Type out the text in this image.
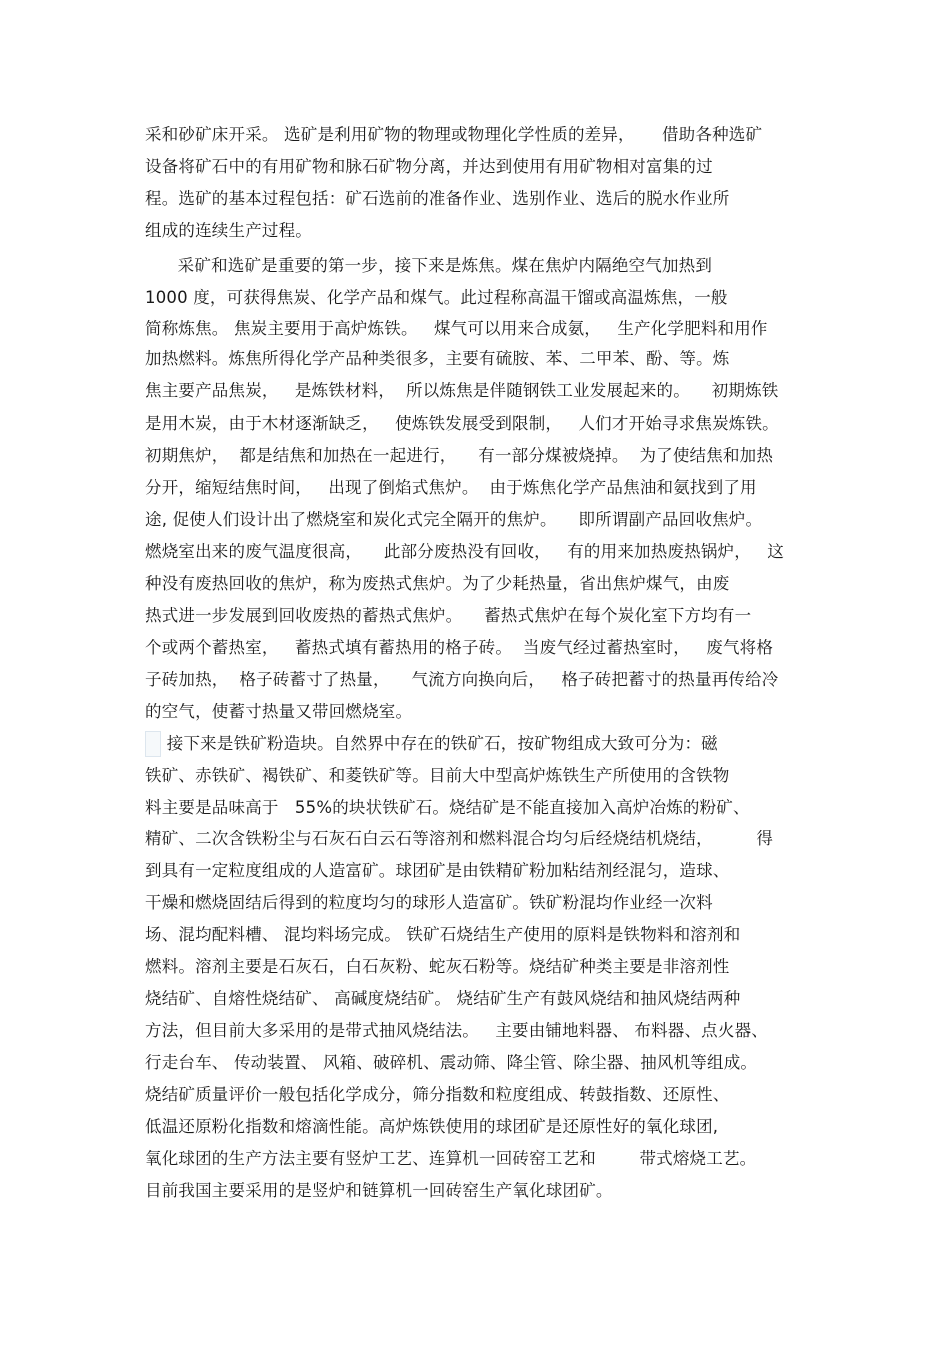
采和砂矿床开采。 选矿是利用矿物的物理或物理化学性质的差异，     借助各种选矿
设备将矿石中的有用矿物和脉石矿物分离，并达到使用有用矿物相对富集的过
程。选矿的基本过程包括：矿石选前的准备作业、选别作业、选后的脱水作业所
组成的连续生产过程。
采矿和选矿是重要的第一步，接下来是炼焦。煤在焦炉内隔绝空气加热到
1000 度，可获得焦炭、化学产品和煤气。此过程称高温干馏或高温炼焦，一般
简称炼焦。 焦炭主要用于高炉炼铁。   煤气可以用来合成氨，   生产化学肥料和用作
加热燃料。炼焦所得化学产品种类很多，主要有硫胺、苯、二甲苯、酚、等。炼
焦主要产品焦炭，   是炼铁材料，  所以炼焦是伴随钢铁工业发展起来的。    初期炼铁
是用木炭，由于木材逐渐缺乏，   使炼铁发展受到限制，   人们才开始寻求焦炭炼铁。
初期焦炉，  都是结焦和加热在一起进行，    有一部分煤被烧掉。  为了使结焦和加热
分开，缩短结焦时间，   出现了倒焰式焦炉。  由于炼焦化学产品焦油和氨找到了用
途, 促使人们设计出了燃烧室和炭化式完全隔开的焦炉。    即所谓副产品回收焦炉。
燃烧室出来的废气温度很高，    此部分废热没有回收，   有的用来加热废热锅炉，   这
种没有废热回收的焦炉，称为废热式焦炉。为了少耗热量，省出焦炉煤气，由废
热式进一步发展到回收废热的蓄热式焦炉。    蓄热式焦炉在每个炭化室下方均有一
个或两个蓄热室，   蓄热式填有蓄热用的格子砖。  当废气经过蓄热室时，   废气将格
子砖加热，  格子砖蓄寸了热量，    气流方向换向后，   格子砖把蓄寸的热量再传给冷
的空气，使蓄寸热量又带回燃烧室。
接下来是铁矿粉造块。自然界中存在的铁矿石，按矿物组成大致可分为：磁
铁矿、赤铁矿、褐铁矿、和菱铁矿等。目前大中型高炉炼铁生产所使用的含铁物
料主要是品味高于   55%的块状铁矿石。烧结矿是不能直接加入高炉冶炼的粉矿、
精矿、二次含铁粉尘与石灰石白云石等溶剂和燃料混合均匀后经烧结机烧结，        得
到具有一定粒度组成的人造富矿。球团矿是由铁精矿粉加粘结剂经混匀，造球、
干燥和燃烧固结后得到的粒度均匀的球形人造富矿。铁矿粉混均作业经一次料
场、混均配料槽、 混均料场完成。 铁矿石烧结生产使用的原料是铁物料和溶剂和
燃料。溶剂主要是石灰石，白石灰粉、蛇灰石粉等。烧结矿种类主要是非溶剂性
烧结矿、自熔性烧结矿、 高碱度烧结矿。 烧结矿生产有鼓风烧结和抽风烧结两种
方法，但目前大多采用的是带式抽风烧结法。   主要由铺地料器、 布料器、点火器、
行走台车、 传动装置、 风箱、破碎机、震动筛、降尘管、除尘器、抽风机等组成。
烧结矿质量评价一般包括化学成分，筛分指数和粒度组成、转鼓指数、还原性、
低温还原粉化指数和熔滴性能。高炉炼铁使用的球团矿是还原性好的氧化球团,
氧化球团的生产方法主要有竖炉工艺、连算机一回砖窑工艺和        带式熔烧工艺。
目前我国主要采用的是竖炉和链算机一回砖窑生产氧化球团矿。
